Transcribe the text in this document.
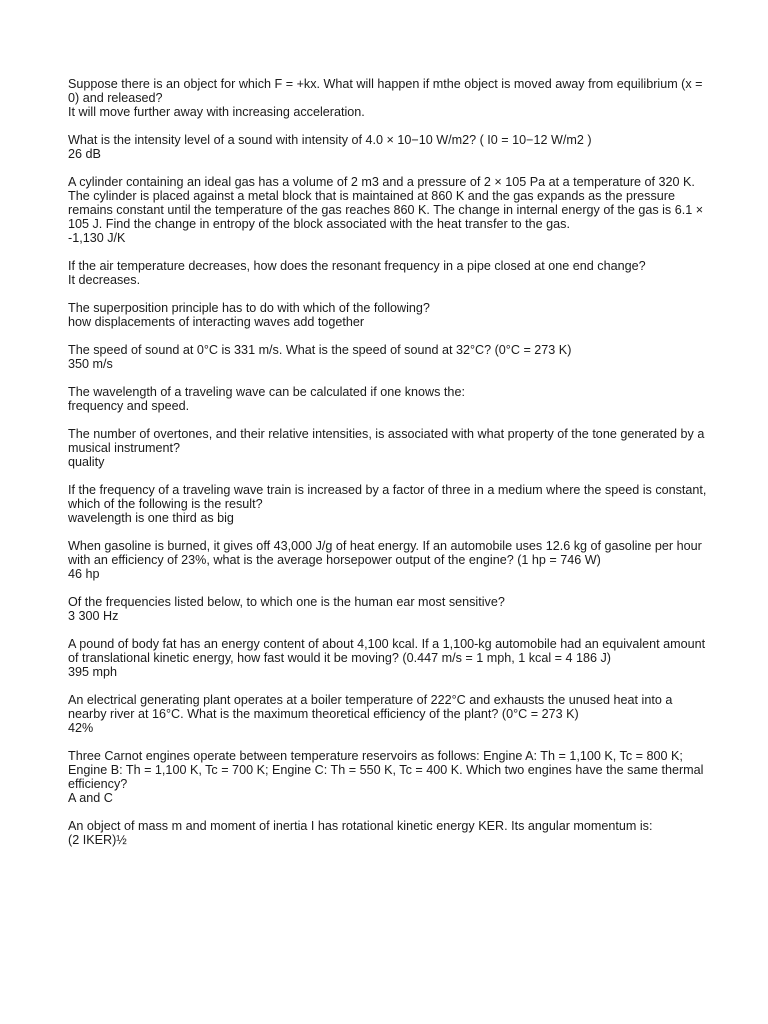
Suppose there is an object for which F = +kx. What will happen if mthe object is moved away from equilibrium (x = 0) and released?
It will move further away with increasing acceleration.
What is the intensity level of a sound with intensity of 4.0 × 10−10 W/m2? ( I0 = 10−12 W/m2 )
26 dB
A cylinder containing an ideal gas has a volume of 2 m3 and a pressure of 2 × 105 Pa at a temperature of 320 K. The cylinder is placed against a metal block that is maintained at 860 K and the gas expands as the pressure remains constant until the temperature of the gas reaches 860 K. The change in internal energy of the gas is 6.1 × 105 J. Find the change in entropy of the block associated with the heat transfer to the gas.
-1,130 J/K
If the air temperature decreases, how does the resonant frequency in a pipe closed at one end change?
It decreases.
The superposition principle has to do with which of the following?
how displacements of interacting waves add together
The speed of sound at 0°C is 331 m/s. What is the speed of sound at 32°C? (0°C = 273 K)
350 m/s
The wavelength of a traveling wave can be calculated if one knows the:
frequency and speed.
The number of overtones, and their relative intensities, is associated with what property of the tone generated by a musical instrument?
quality
If the frequency of a traveling wave train is increased by a factor of three in a medium where the speed is constant, which of the following is the result?
wavelength is one third as big
When gasoline is burned, it gives off 43,000 J/g of heat energy. If an automobile uses 12.6 kg of gasoline per hour with an efficiency of 23%, what is the average horsepower output of the engine? (1 hp = 746 W)
46 hp
Of the frequencies listed below, to which one is the human ear most sensitive?
3 300 Hz
A pound of body fat has an energy content of about 4,100 kcal. If a 1,100-kg automobile had an equivalent amount of translational kinetic energy, how fast would it be moving? (0.447 m/s = 1 mph, 1 kcal = 4 186 J)
395 mph
An electrical generating plant operates at a boiler temperature of 222°C and exhausts the unused heat into a nearby river at 16°C. What is the maximum theoretical efficiency of the plant? (0°C = 273 K)
42%
Three Carnot engines operate between temperature reservoirs as follows: Engine A: Th = 1,100 K, Tc = 800 K; Engine B: Th = 1,100 K, Tc = 700 K; Engine C: Th = 550 K, Tc = 400 K. Which two engines have the same thermal efficiency?
A and C
An object of mass m and moment of inertia I has rotational kinetic energy KER. Its angular momentum is:
(2 IKER)½
